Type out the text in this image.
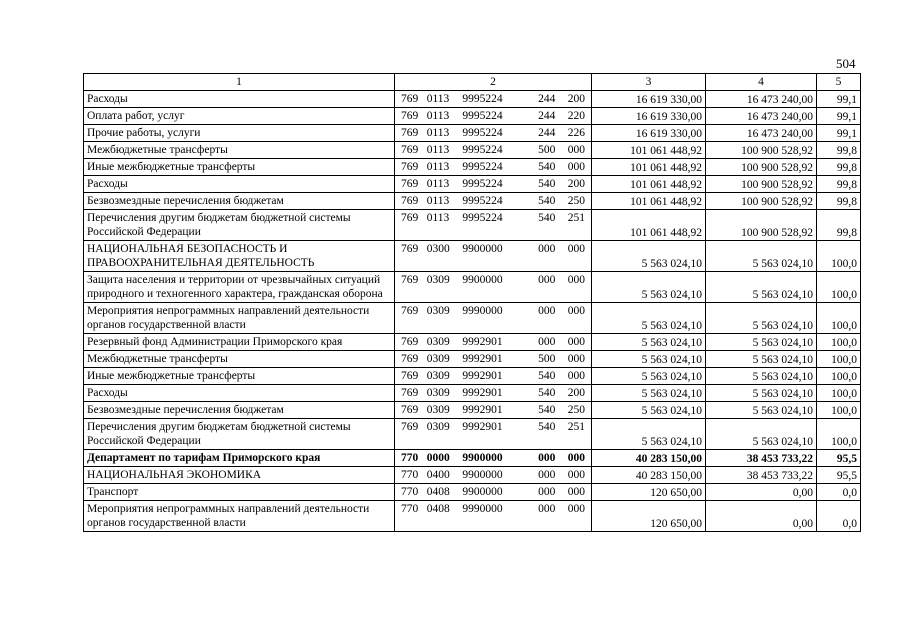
504
1	2	3	4	5
Расходы	769 0113 9995224 244 200	16 619 330,00	16 473 240,00	99,1
Оплата работ, услуг	769 0113 9995224 244 220	16 619 330,00	16 473 240,00	99,1
Прочие работы, услуги	769 0113 9995224 244 226	16 619 330,00	16 473 240,00	99,1
Межбюджетные трансферты	769 0113 9995224 500 000	101 061 448,92	100 900 528,92	99,8
Иные межбюджетные трансферты	769 0113 9995224 540 000	101 061 448,92	100 900 528,92	99,8
Расходы	769 0113 9995224 540 200	101 061 448,92	100 900 528,92	99,8
Безвозмездные перечисления бюджетам	769 0113 9995224 540 250	101 061 448,92	100 900 528,92	99,8
Перечисления другим бюджетам бюджетной системы Российской Федерации	769 0113 9995224 540 251	101 061 448,92	100 900 528,92	99,8
НАЦИОНАЛЬНАЯ БЕЗОПАСНОСТЬ И ПРАВООХРАНИТЕЛЬНАЯ ДЕЯТЕЛЬНОСТЬ	769 0300 9900000 000 000	5 563 024,10	5 563 024,10	100,0
Защита населения и территории от чрезвычайных ситуаций природного и техногенного характера, гражданская оборона	769 0309 9900000 000 000	5 563 024,10	5 563 024,10	100,0
Мероприятия непрограммных направлений деятельности органов государственной власти	769 0309 9990000 000 000	5 563 024,10	5 563 024,10	100,0
Резервный фонд Администрации Приморского края	769 0309 9992901 000 000	5 563 024,10	5 563 024,10	100,0
Межбюджетные трансферты	769 0309 9992901 500 000	5 563 024,10	5 563 024,10	100,0
Иные межбюджетные трансферты	769 0309 9992901 540 000	5 563 024,10	5 563 024,10	100,0
Расходы	769 0309 9992901 540 200	5 563 024,10	5 563 024,10	100,0
Безвозмездные перечисления бюджетам	769 0309 9992901 540 250	5 563 024,10	5 563 024,10	100,0
Перечисления другим бюджетам бюджетной системы Российской Федерации	769 0309 9992901 540 251	5 563 024,10	5 563 024,10	100,0
Департамент по тарифам Приморского края	770 0000 9900000 000 000	40 283 150,00	38 453 733,22	95,5
НАЦИОНАЛЬНАЯ ЭКОНОМИКА	770 0400 9900000 000 000	40 283 150,00	38 453 733,22	95,5
Транспорт	770 0408 9900000 000 000	120 650,00	0,00	0,0
Мероприятия непрограммных направлений деятельности органов государственной власти	770 0408 9990000 000 000	120 650,00	0,00	0,0
